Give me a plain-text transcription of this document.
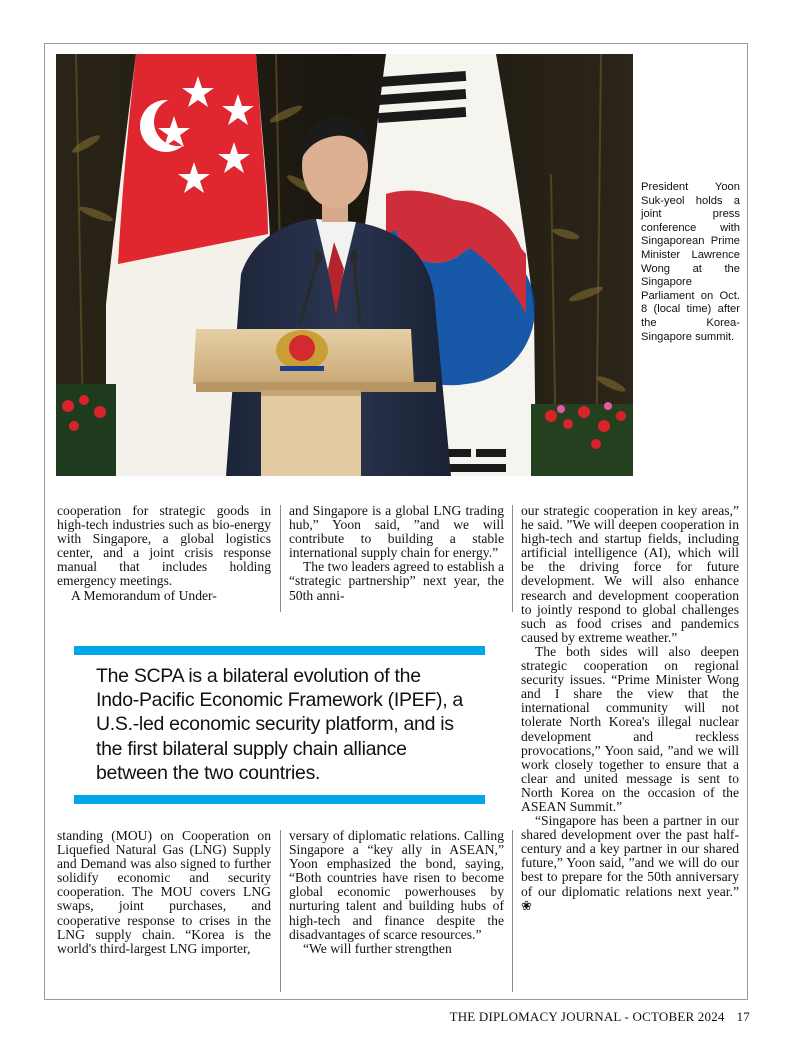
President Yoon Suk-yeol holds a joint press conference with Singaporean Prime Minister Lawrence Wong at the Singapore Parliament on Oct. 8 (local time) after the Korea-Singapore summit.

cooperation for strategic goods in high-tech industries such as bio-energy with Singapore, a global logistics center, and a joint crisis response manual that includes holding emergency meetings.

A Memorandum of Under-

and Singapore is a global LNG trading hub,” Yoon said, ”and we will contribute to building a stable international supply chain for energy.”

The two leaders agreed to establish a “strategic partnership” next year, the 50th anni-

our strategic cooperation in key areas,” he said. ”We will deepen cooperation in high-tech and startup fields, including artificial intelligence (AI), which will be the driving force for future development. We will also enhance research and development cooperation to jointly respond to global challenges such as food crises and pandemics caused by extreme weather.”

The both sides will also deepen strategic cooperation on regional security issues. “Prime Minister Wong and I share the view that the international community will not tolerate North Korea's illegal nuclear development and reckless provocations,” Yoon said, ”and we will work closely together to ensure that a clear and united message is sent to North Korea on the occasion of the ASEAN Summit.”

“Singapore has been a partner in our shared development over the past half-century and a key partner in our shared future,” Yoon said, ”and we will do our best to prepare for the 50th anniversary of our diplomatic relations next year.” ❀

The SCPA is a bilateral evolution of the Indo-Pacific Economic Framework (IPEF), a U.S.-led economic security platform, and is the first bilateral supply chain alliance between the two countries.

standing (MOU) on Cooperation on Liquefied Natural Gas (LNG) Supply and Demand was also signed to further solidify economic and security cooperation. The MOU covers LNG swaps, joint purchases, and cooperative response to crises in the LNG supply chain. “Korea is the world's third-largest LNG importer,

versary of diplomatic relations. Calling Singapore a “key ally in ASEAN,” Yoon emphasized the bond, saying, “Both countries have risen to become global economic powerhouses by nurturing talent and building hubs of high-tech and finance despite the disadvantages of scarce resources.”

“We will further strengthen

THE DIPLOMACY JOURNAL - OCTOBER 2024 17
